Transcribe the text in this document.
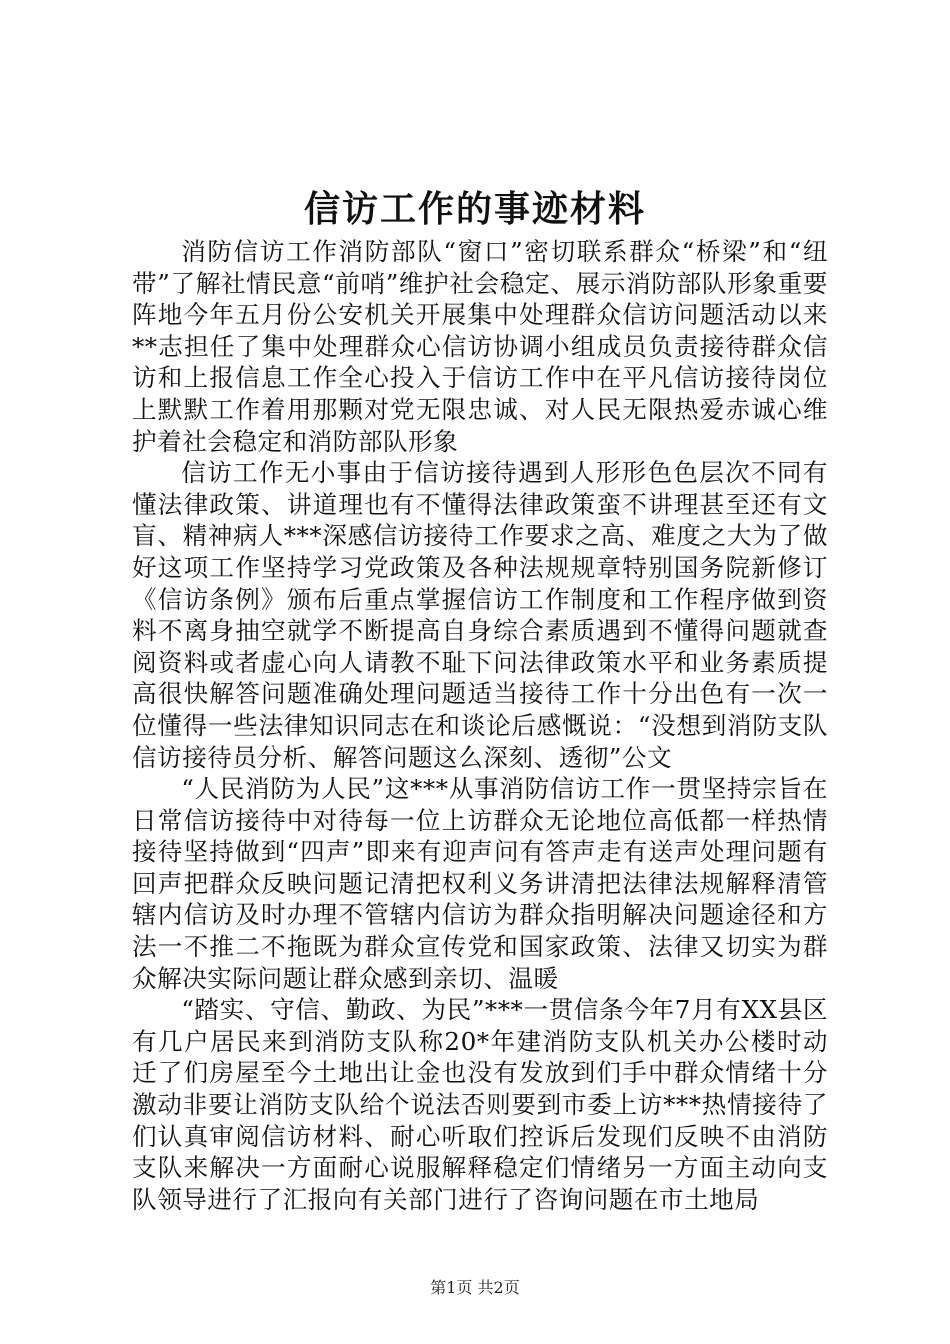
信访工作的事迹材料

消防信访工作消防部队“窗口”密切联系群众“桥梁”和“纽带”了解社情民意“前哨”维护社会稳定、展示消防部队形象重要阵地今年五月份公安机关开展集中处理群众信访问题活动以来**志担任了集中处理群众心信访协调小组成员负责接待群众信访和上报信息工作全心投入于信访工作中在平凡信访接待岗位上默默工作着用那颗对党无限忠诚、对人民无限热爱赤诚心维护着社会稳定和消防部队形象

信访工作无小事由于信访接待遇到人形形色色层次不同有懂法律政策、讲道理也有不懂得法律政策蛮不讲理甚至还有文盲、精神病人***深感信访接待工作要求之高、难度之大为了做好这项工作坚持学习党政策及各种法规规章特别国务院新修订《信访条例》颁布后重点掌握信访工作制度和工作程序做到资料不离身抽空就学不断提高自身综合素质遇到不懂得问题就查阅资料或者虚心向人请教不耻下问法律政策水平和业务素质提高很快解答问题准确处理问题适当接待工作十分出色有一次一位懂得一些法律知识同志在和谈论后感慨说：“没想到消防支队信访接待员分析、解答问题这么深刻、透彻”公文

“人民消防为人民”这***从事消防信访工作一贯坚持宗旨在日常信访接待中对待每一位上访群众无论地位高低都一样热情接待坚持做到“四声”即来有迎声问有答声走有送声处理问题有回声把群众反映问题记清把权利义务讲清把法律法规解释清管辖内信访及时办理不管辖内信访为群众指明解决问题途径和方法一不推二不拖既为群众宣传党和国家政策、法律又切实为群众解决实际问题让群众感到亲切、温暖

“踏实、守信、勤政、为民”***一贯信条今年7月有XX县区有几户居民来到消防支队称20*年建消防支队机关办公楼时动迁了们房屋至今土地出让金也没有发放到们手中群众情绪十分激动非要让消防支队给个说法否则要到市委上访***热情接待了们认真审阅信访材料、耐心听取们控诉后发现们反映不由消防支队来解决一方面耐心说服解释稳定们情绪另一方面主动向支队领导进行了汇报向有关部门进行了咨询问题在市土地局

第1页 共2页
